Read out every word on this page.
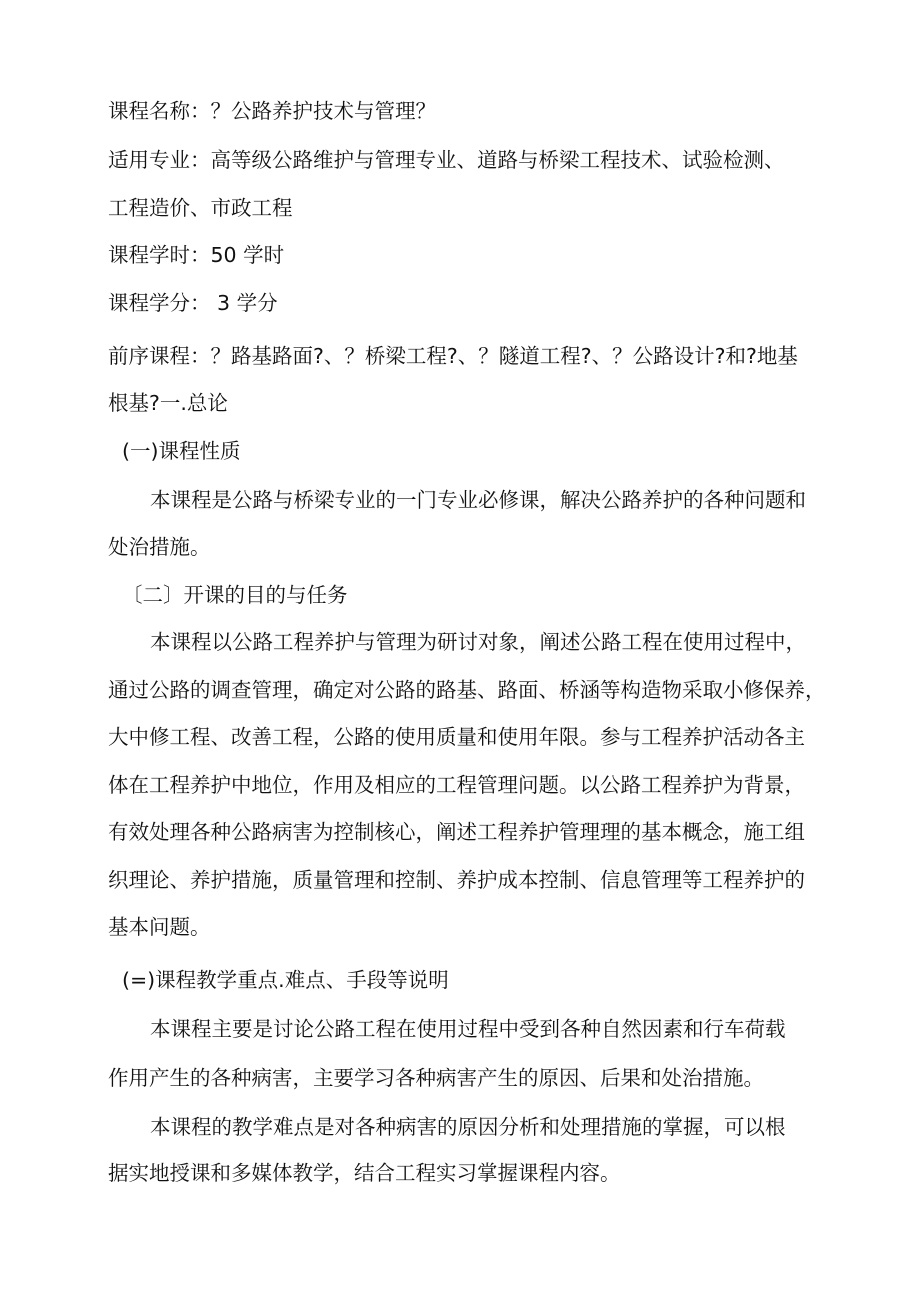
课程名称：？公路养护技术与管理？
适用专业：高等级公路维护与管理专业、道路与桥梁工程技术、试验检测、
工程造价、市政工程
课程学时：50 学时
课程学分： 3 学分
前序课程：？路基路面?、？桥梁工程?、？隧道工程?、？公路设计?和?地基
根基?一.总论
(一)课程性质
本课程是公路与桥梁专业的一门专业必修课，解决公路养护的各种问题和
处治措施。
〔二〕开课的目的与任务
本课程以公路工程养护与管理为研讨对象，阐述公路工程在使用过程中，
通过公路的调查管理，确定对公路的路基、路面、桥涵等构造物采取小修保养，
大中修工程、改善工程，公路的使用质量和使用年限。参与工程养护活动各主
体在工程养护中地位，作用及相应的工程管理问题。以公路工程养护为背景，
有效处理各种公路病害为控制核心，阐述工程养护管理理的基本概念，施工组
织理论、养护措施，质量管理和控制、养护成本控制、信息管理等工程养护的
基本问题。
(=)课程教学重点.难点、手段等说明
本课程主要是讨论公路工程在使用过程中受到各种自然因素和行车荷载
作用产生的各种病害，主要学习各种病害产生的原因、后果和处治措施。
本课程的教学难点是对各种病害的原因分析和处理措施的掌握，可以根
据实地授课和多媒体教学，结合工程实习掌握课程内容。
